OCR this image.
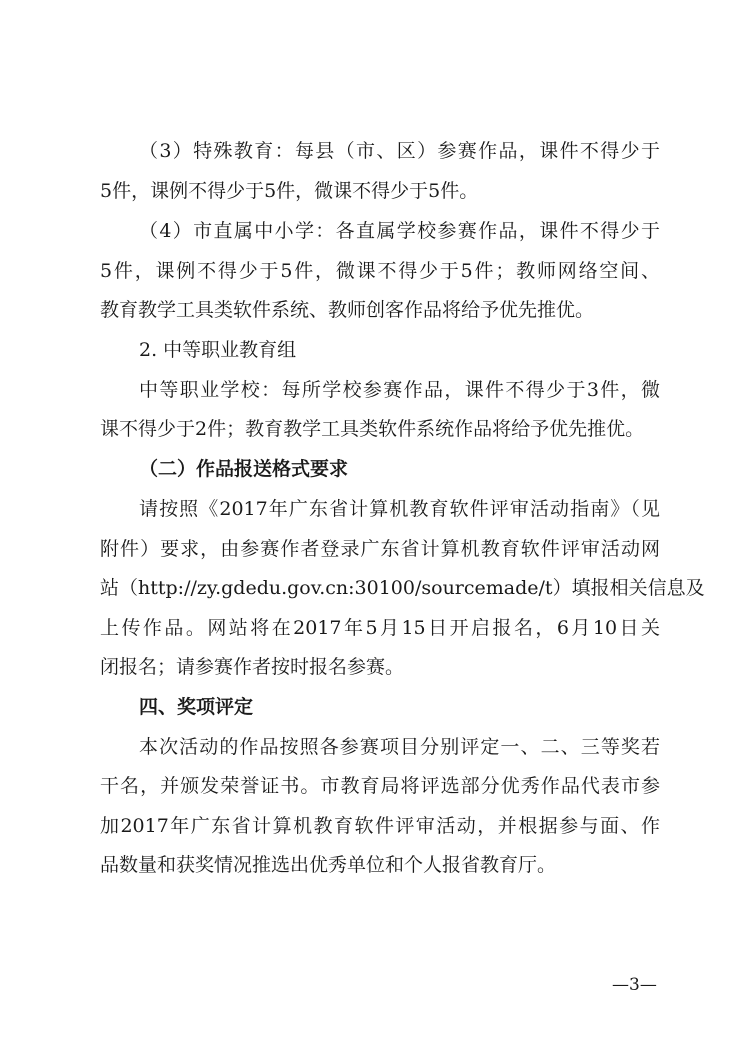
（3）特殊教育：每县（市、区）参赛作品，课件不得少于

5件，课例不得少于5件，微课不得少于5件。

（4）市直属中小学：各直属学校参赛作品，课件不得少于

5件，课例不得少于5件，微课不得少于5件；教师网络空间、

教育教学工具类软件系统、教师创客作品将给予优先推优。

2. 中等职业教育组

中等职业学校：每所学校参赛作品，课件不得少于3件，微

课不得少于2件；教育教学工具类软件系统作品将给予优先推优。

（二）作品报送格式要求

请按照《2017年广东省计算机教育软件评审活动指南》（见

附件）要求，由参赛作者登录广东省计算机教育软件评审活动网

站（http://zy.gdedu.gov.cn:30100/sourcemade/t）填报相关信息及

上传作品。网站将在2017年5月15日开启报名，6月10日关

闭报名；请参赛作者按时报名参赛。

四、奖项评定

本次活动的作品按照各参赛项目分别评定一、二、三等奖若

干名，并颁发荣誉证书。市教育局将评选部分优秀作品代表市参

加2017年广东省计算机教育软件评审活动，并根据参与面、作

品数量和获奖情况推选出优秀单位和个人报省教育厅。

—3—
